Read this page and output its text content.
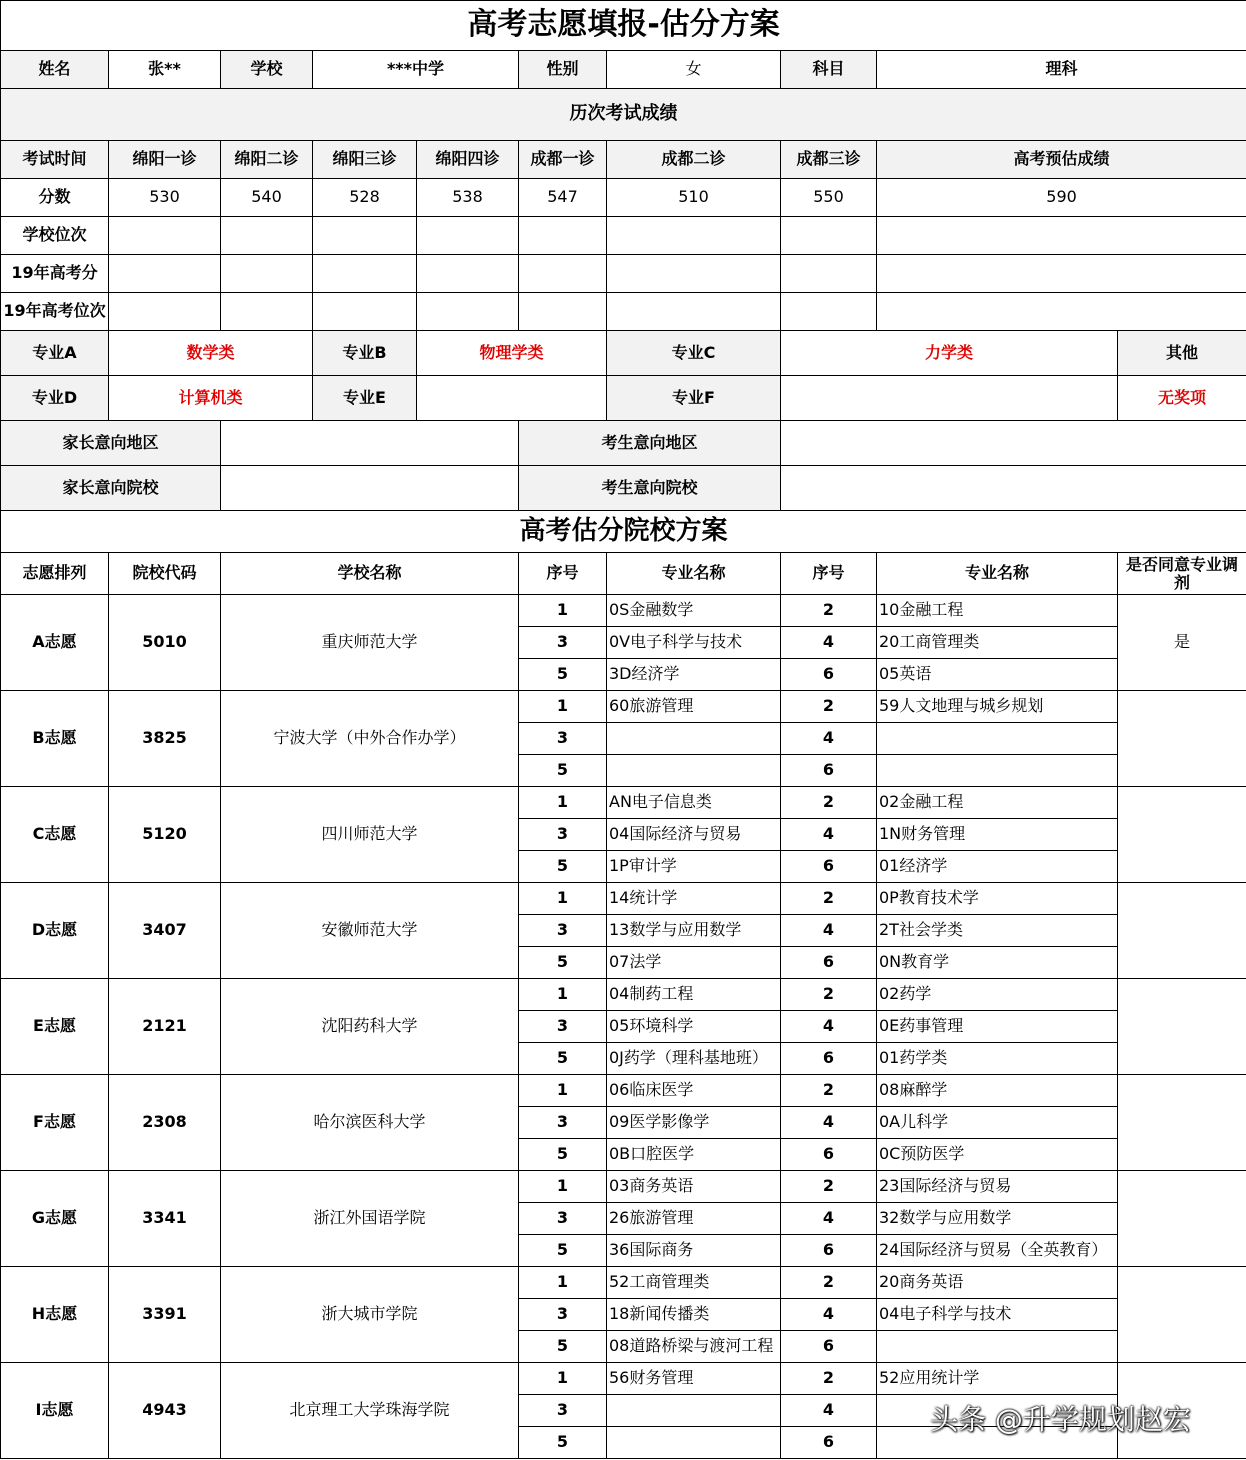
高考志愿填报-估分方案										
姓名	张**	学校	***中学		性别	女	科目	理科		
历次考试成绩										
考试时间	绵阳一诊	绵阳二诊	绵阳三诊	绵阳四诊	成都一诊	成都二诊	成都三诊	高考预估成绩	
分数	530	540	528	538	547	510	550	590	
学校位次									
19年高考分									
19年高考位次									
专业A	数学类		专业B	物理学类		专业C	力学类		其他	
专业D	计算机类		专业E			专业F			无奖项	
家长意向地区					考生意向地区					
家长意向院校					考生意向院校					
高考估分院校方案										
志愿排列	院校代码	学校名称			序号	专业名称	序号	专业名称	是否同意专业调剂	
A志愿	5010	重庆师范大学			1	0S金融数学	2	10金融工程	是	
					3	0V电子科学与技术	4	20工商管理类		
					5	3D经济学	6	05英语		
B志愿	3825	宁波大学（中外合作办学）			1	60旅游管理	2	59人文地理与城乡规划		
					3		4			
					5		6			
C志愿	5120	四川师范大学			1	AN电子信息类	2	02金融工程		
					3	04国际经济与贸易	4	1N财务管理		
					5	1P审计学	6	01经济学		
D志愿	3407	安徽师范大学			1	14统计学	2	0P教育技术学		
					3	13数学与应用数学	4	2T社会学类		
					5	07法学	6	0N教育学		
E志愿	2121	沈阳药科大学			1	04制药工程	2	02药学		
					3	05环境科学	4	0E药事管理		
					5	0J药学（理科基地班）	6	01药学类		
F志愿	2308	哈尔滨医科大学			1	06临床医学	2	08麻醉学		
					3	09医学影像学	4	0A儿科学		
					5	0B口腔医学	6	0C预防医学		
G志愿	3341	浙江外国语学院			1	03商务英语	2	23国际经济与贸易		
					3	26旅游管理	4	32数学与应用数学		
					5	36国际商务	6	24国际经济与贸易（全英教育）		
H志愿	3391	浙大城市学院			1	52工商管理类	2	20商务英语		
					3	18新闻传播类	4	04电子科学与技术		
					5	08道路桥梁与渡河工程	6			
I志愿	4943	北京理工大学珠海学院			1	56财务管理	2	52应用统计学		
					3		4			
					5		6			
头条 @升学规划赵宏
